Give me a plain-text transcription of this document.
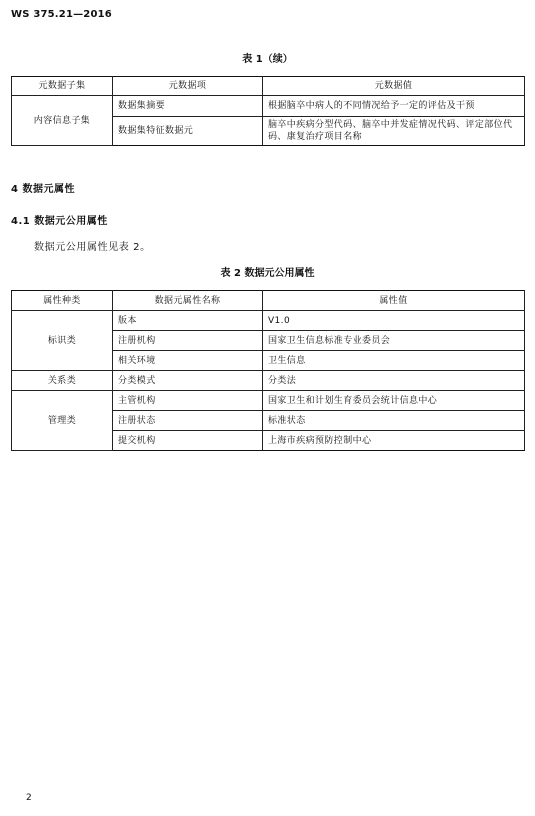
WS 375.21—2016
表 1（续）
元数据子集	元数据项	元数据值
内容信息子集	数据集摘要	根据脑卒中病人的不同情况给予一定的评估及干预
	数据集特征数据元	脑卒中疾病分型代码、脑卒中并发症情况代码、评定部位代码、康复治疗项目名称
4 数据元属性
4.1 数据元公用属性
数据元公用属性见表 2。
表 2 数据元公用属性
属性种类	数据元属性名称	属性值
标识类	版本	V1.0
	注册机构	国家卫生信息标准专业委员会
	相关环境	卫生信息
关系类	分类模式	分类法
管理类	主管机构	国家卫生和计划生育委员会统计信息中心
	注册状态	标准状态
	提交机构	上海市疾病预防控制中心
2
